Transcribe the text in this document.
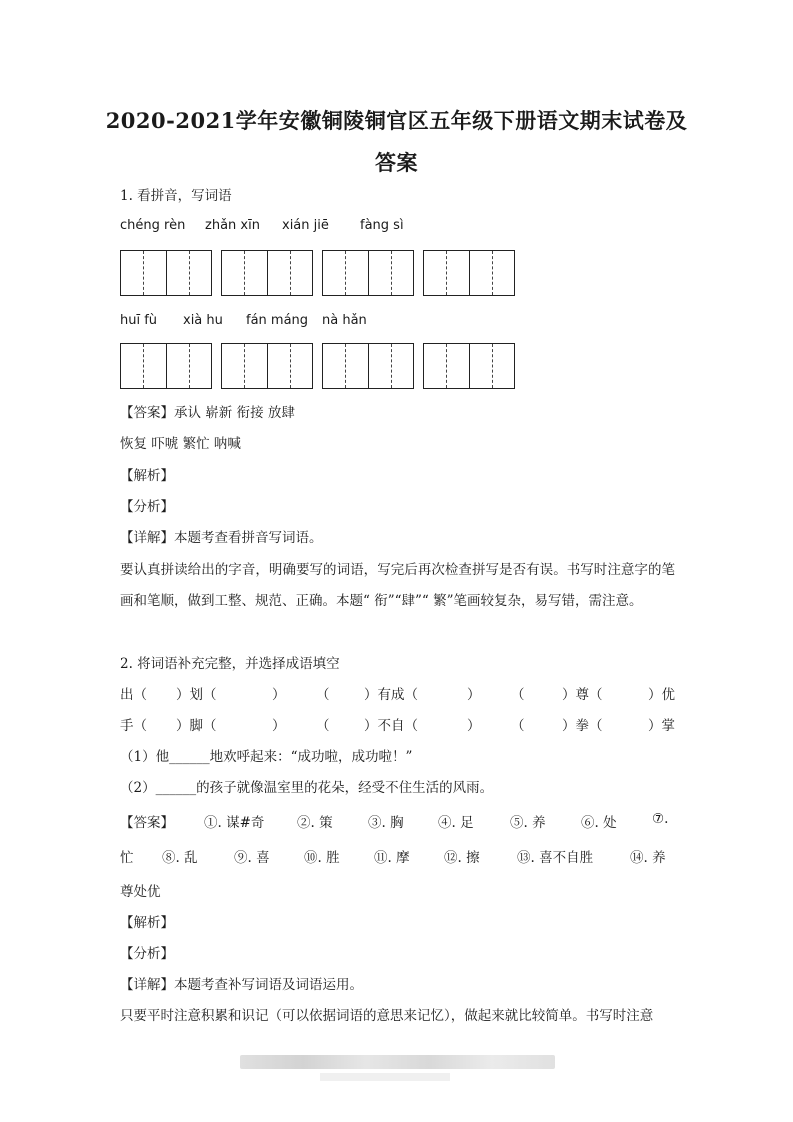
2020-2021学年安徽铜陵铜官区五年级下册语文期末试卷及
答案
1. 看拼音，写词语
chéng rèn zhǎn xīn xián jiē fàng sì
huī fù xià hu fán máng nà hǎn
【答案】承认 崭新 衔接 放肆
恢复 吓唬 繁忙 呐喊
【解析】
【分析】
【详解】本题考查看拼音写词语。
要认真拼读给出的字音，明确要写的词语，写完后再次检查拼写是否有误。书写时注意字的笔画和笔顺，做到工整、规范、正确。本题“ 衔”“肆”“ 繁”笔画较复杂，易写错，需注意。
2. 将词语补充完整，并选择成语填空
出（ ）划（	） （	）有成（	） （	）尊（	）优
手（ ）脚（	） （	）不自（	） （	）拳（	）掌
（1）他______地欢呼起来：“成功啦，成功啦！”
（2）______的孩子就像温室里的花朵，经受不住生活的风雨。
【答案】 ①. 谋#奇 ②. 策	③. 胸	④. 足	⑤. 养	⑥. 处	⑦.
忙 ⑧. 乱	⑨. 喜	⑩. 胜	⑪. 摩	⑫. 擦	⑬. 喜不自胜	⑭. 养
尊处优
【解析】
【分析】
【详解】本题考查补写词语及词语运用。
只要平时注意积累和识记（可以依据词语的意思来记忆），做起来就比较简单。书写时注意
